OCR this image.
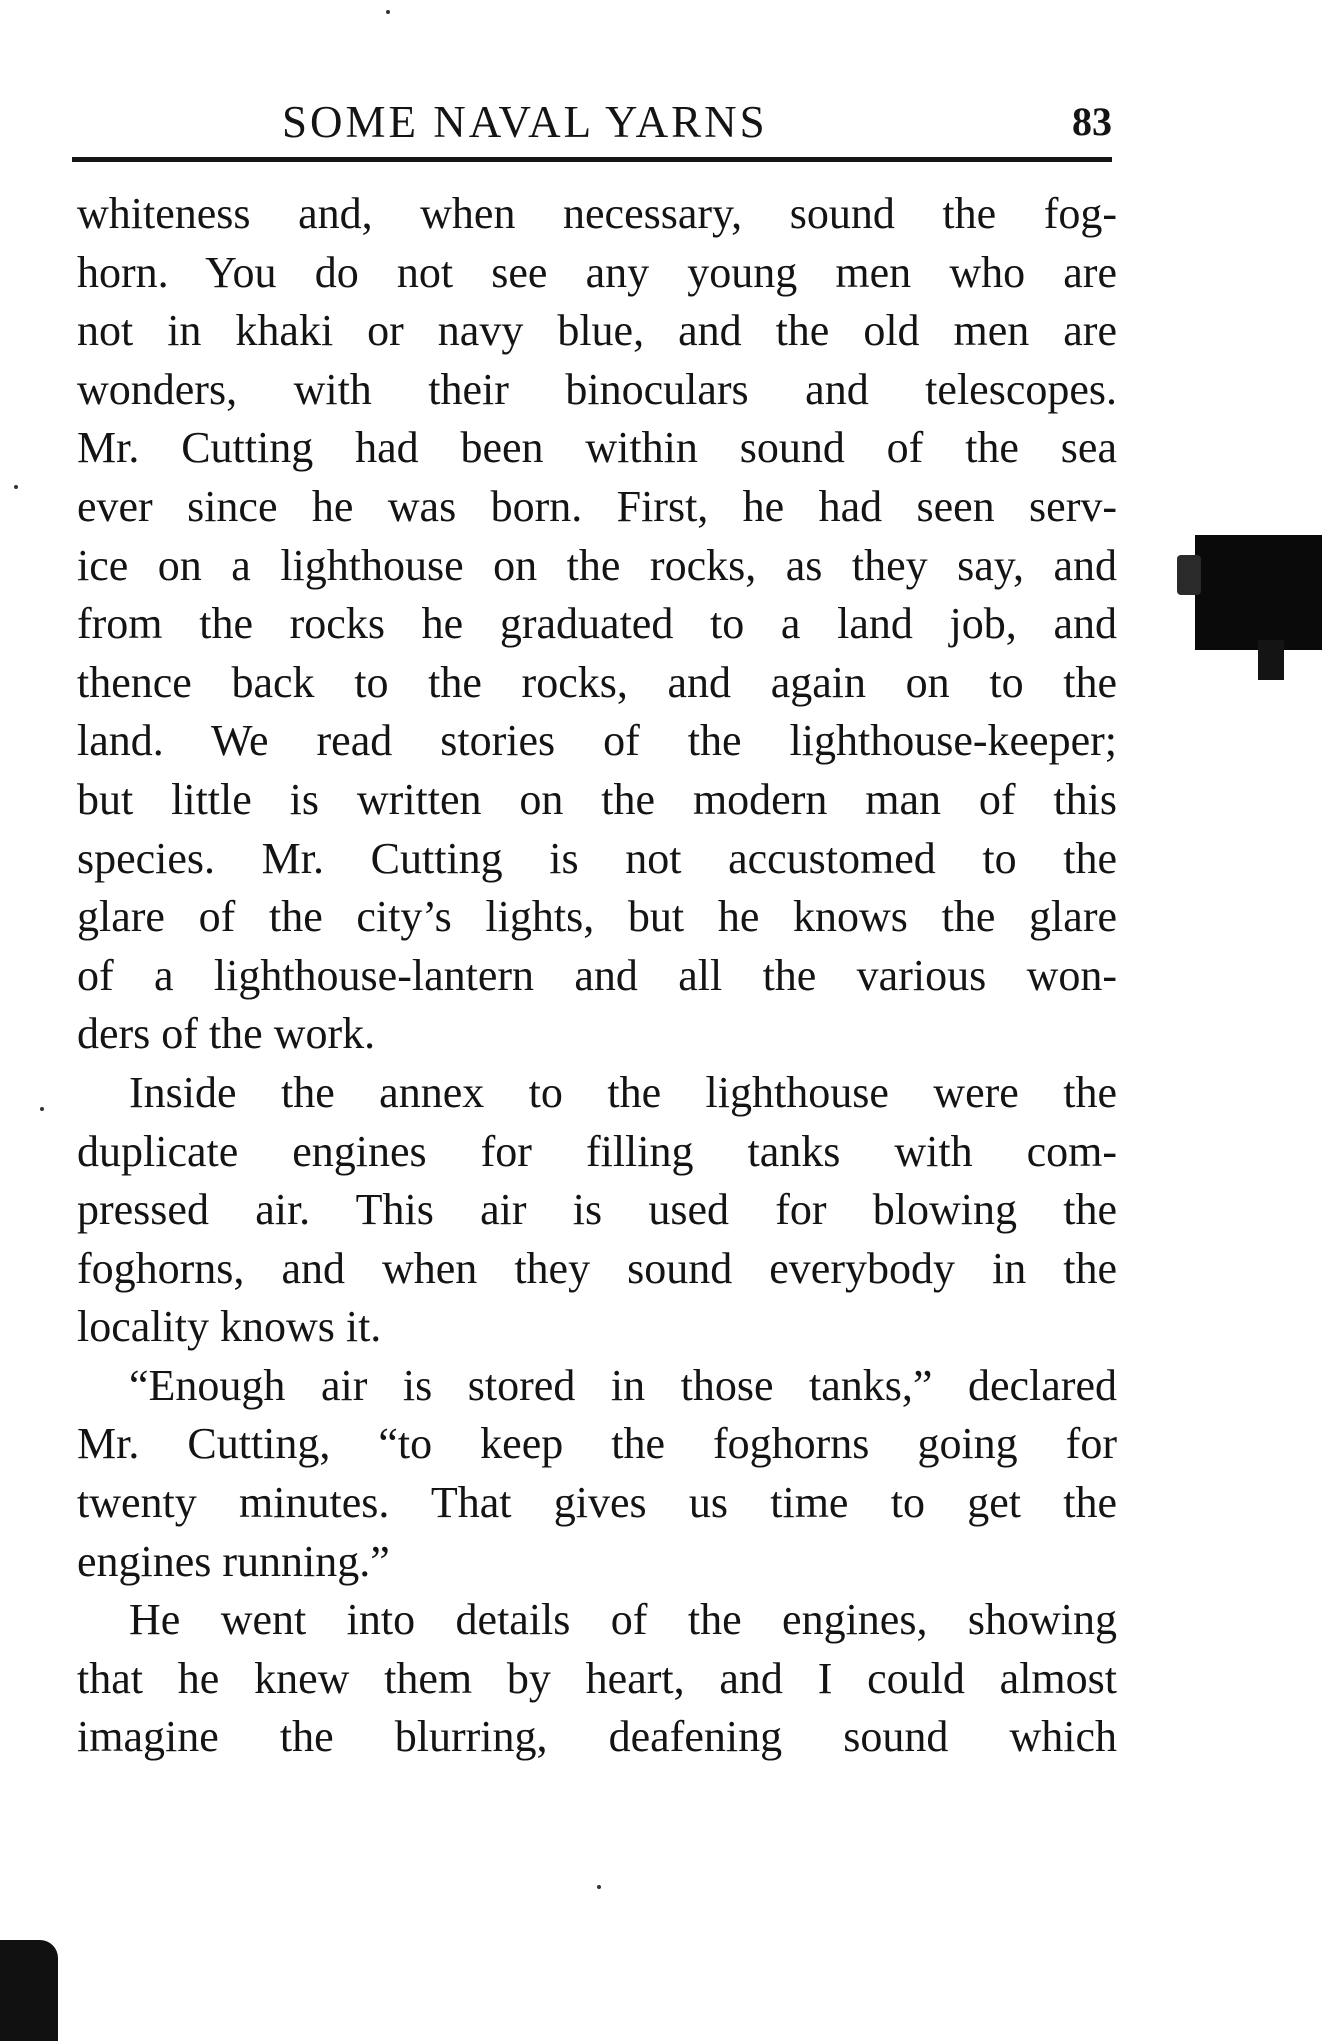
SOME NAVAL YARNS	83
whiteness and, when necessary, sound the fog-
horn. You do not see any young men who are
not in khaki or navy blue, and the old men are
wonders, with their binoculars and telescopes.
Mr. Cutting had been within sound of the sea
ever since he was born. First, he had seen serv-
ice on a lighthouse on the rocks, as they say, and
from the rocks he graduated to a land job, and
thence back to the rocks, and again on to the
land. We read stories of the lighthouse-keeper;
but little is written on the modern man of this
species. Mr. Cutting is not accustomed to the
glare of the city’s lights, but he knows the glare
of a lighthouse-lantern and all the various won-
ders of the work.
Inside the annex to the lighthouse were the
duplicate engines for filling tanks with com-
pressed air. This air is used for blowing the
foghorns, and when they sound everybody in the
locality knows it.
“Enough air is stored in those tanks,” declared
Mr. Cutting, “to keep the foghorns going for
twenty minutes. That gives us time to get the
engines running.”
He went into details of the engines, showing
that he knew them by heart, and I could almost
imagine the blurring, deafening sound which
